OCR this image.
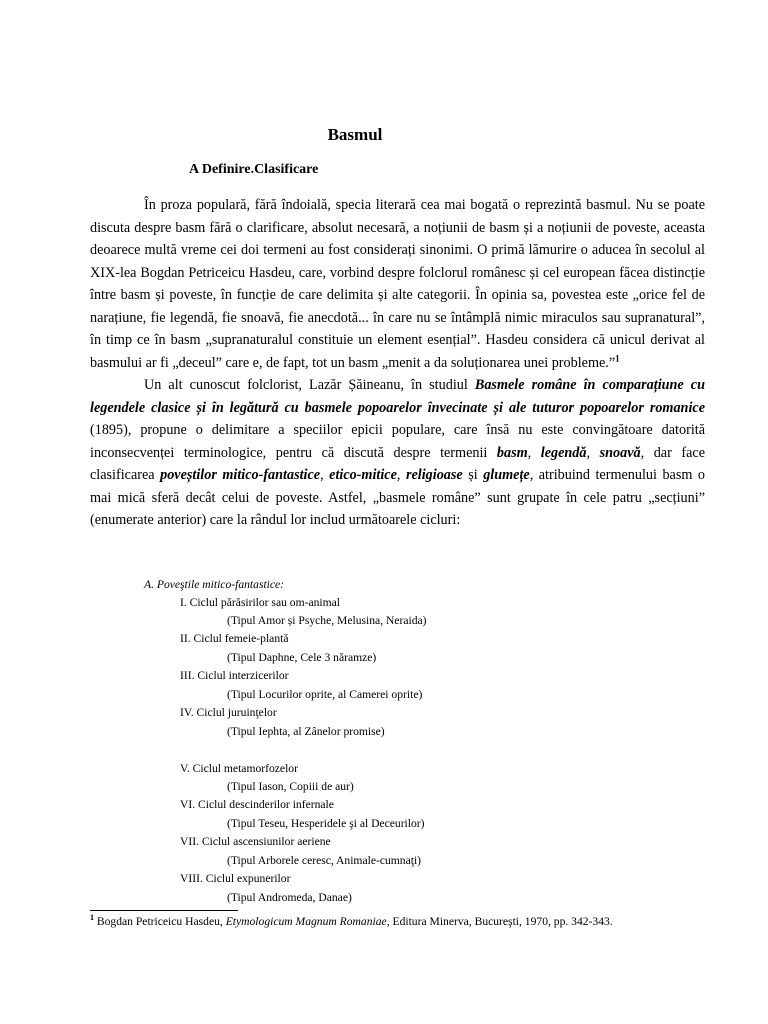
Basmul
A Definire.Clasificare

În proza populară, fără îndoială, specia literară cea mai bogată o reprezintă basmul. Nu se poate discuta despre basm fără o clarificare, absolut necesară, a noțiunii de basm și a noțiunii de poveste, aceasta deoarece multă vreme cei doi termeni au fost considerați sinonimi. O primă lămurire o aducea în secolul al XIX-lea Bogdan Petriceicu Hasdeu, care, vorbind despre folclorul românesc și cel european făcea distincție între basm și poveste, în funcție de care delimita și alte categorii. În opinia sa, povestea este „orice fel de narațiune, fie legendă, fie snoavă, fie anecdotă... în care nu se întâmplă nimic miraculos sau supranatural”, în timp ce în basm „supranaturalul constituie un element esențial”. Hasdeu considera că unicul derivat al basmului ar fi „deceul” care e, de fapt, tot un basm „menit a da soluționarea unei probleme.”$^1$

Un alt cunoscut folclorist, Lazăr Șăineanu, în studiul Basmele române în comparațiune cu legendele clasice și în legătură cu basmele popoarelor învecinate și ale tuturor popoarelor romanice (1895), propune o delimitare a speciilor epicii populare, care însă nu este convingătoare datorită inconsecvenței terminologice, pentru că discută despre termenii basm, legendă, snoavă, dar face clasificarea poveștilor mitico-fantastice, etico-mitice, religioase și glumețe, atribuind termenului basm o mai mică sferă decât celui de poveste. Astfel, „basmele române” sunt grupate în cele patru „secțiuni” (enumerate anterior) care la rândul lor includ următoarele cicluri:

A. Poveştile mitico-fantastice:
I. Ciclul părăsirilor sau om-animal
(Tipul Amor și Psyche, Melusina, Neraida)
II. Ciclul femeie-plantă
(Tipul Daphne, Cele 3 năramze)
III. Ciclul interzicerilor
(Tipul Locurilor oprite, al Camerei oprite)
IV. Ciclul juruinţelor
(Tipul Iephta, al Zânelor promise)
V. Ciclul metamorfozelor
(Tipul Iason, Copiii de aur)
VI. Ciclul descinderilor infernale
(Tipul Teseu, Hesperidele şi al Deceurilor)
VII. Ciclul ascensiunilor aeriene
(Tipul Arborele ceresc, Animale-cumnaţi)
VIII. Ciclul expunerilor
(Tipul Andromeda, Danae)
$^1$ Bogdan Petriceicu Hasdeu, Etymologicum Magnum Romaniae, Editura Minerva, Bucureşti, 1970, pp. 342-343.
